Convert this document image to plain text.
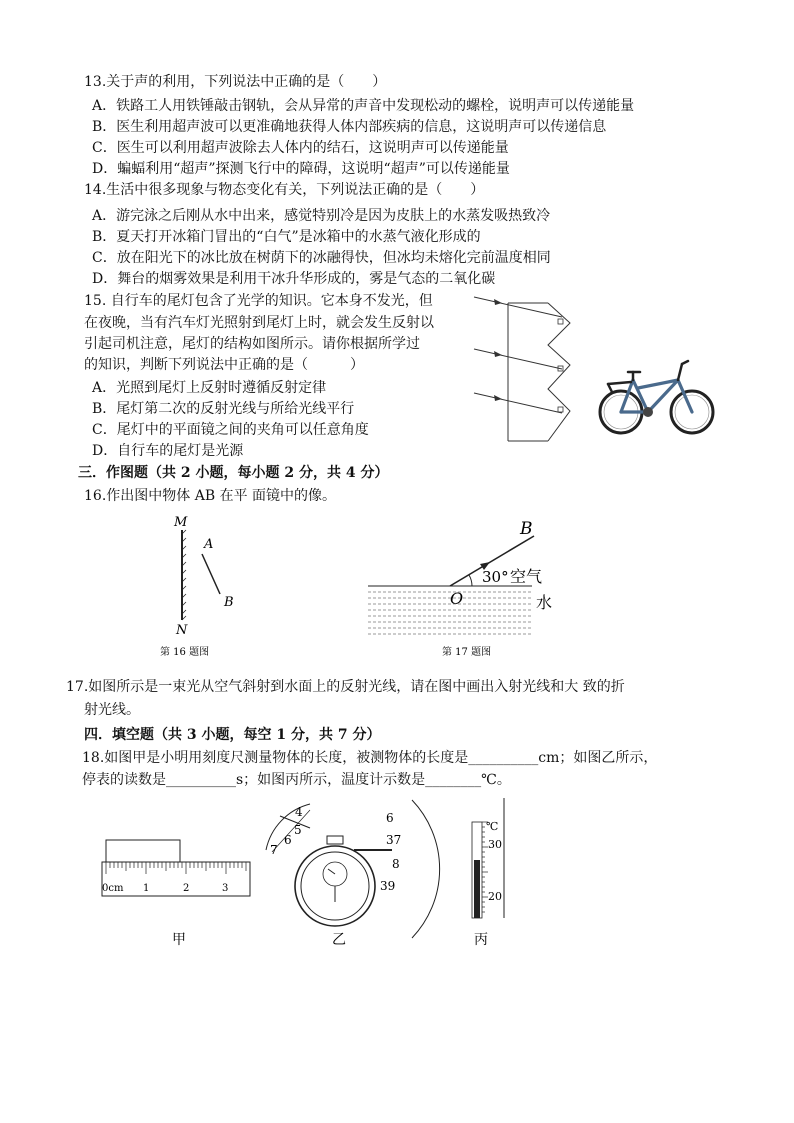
13.关于声的利用，下列说法中正确的是（　　）
A．铁路工人用铁锤敲击钢轨，会从异常的声音中发现松动的螺栓，说明声可以传递能量
B．医生利用超声波可以更准确地获得人体内部疾病的信息，这说明声可以传递信息
C．医生可以利用超声波除去人体内的结石，这说明声可以传递能量
D．蝙蝠利用“超声”探测飞行中的障碍，这说明“超声”可以传递能量
14.生活中很多现象与物态变化有关，下列说法正确的是（　　）
A．游完泳之后刚从水中出来，感觉特别冷是因为皮肤上的水蒸发吸热致冷
B．夏天打开冰箱门冒出的“白气”是冰箱中的水蒸气液化形成的
C．放在阳光下的冰比放在树荫下的冰融得快，但冰均未熔化完前温度相同
D．舞台的烟雾效果是利用干冰升华形成的，雾是气态的二氧化碳
15. 自行车的尾灯包含了光学的知识。它本身不发光，但
在夜晚，当有汽车灯光照射到尾灯上时，就会发生反射以
引起司机注意，尾灯的结构如图所示。请你根据所学过
的知识，判断下列说法中正确的是（　　　）
A．光照到尾灯上反射时遵循反射定律
B．尾灯第二次的反射光线与所给光线平行
C．尾灯中的平面镜之间的夹角可以任意角度
D．自行车的尾灯是光源
三．作图题（共 2 小题，每小题 2 分，共 4 分）
16.作出图中物体 AB 在平 面镜中的像。
M
N
A
B
第 16 题图
B
30° 空气
O	水
第 17 题图
17.如图所示是一束光从空气斜射到水面上的反射光线，请在图中画出入射光线和大 致的折
射光线。
四．填空题（共 3 小题，每空 1 分，共 7 分）
18.如图甲是小明用刻度尺测量物体的长度，被测物体的长度是__________cm；如图乙所示，
停表的读数是__________s；如图丙所示，温度计示数是________℃。
0cm 1	2	3
甲
4
5
6
7
6
37
8
39
乙
℃
30
20
丙
